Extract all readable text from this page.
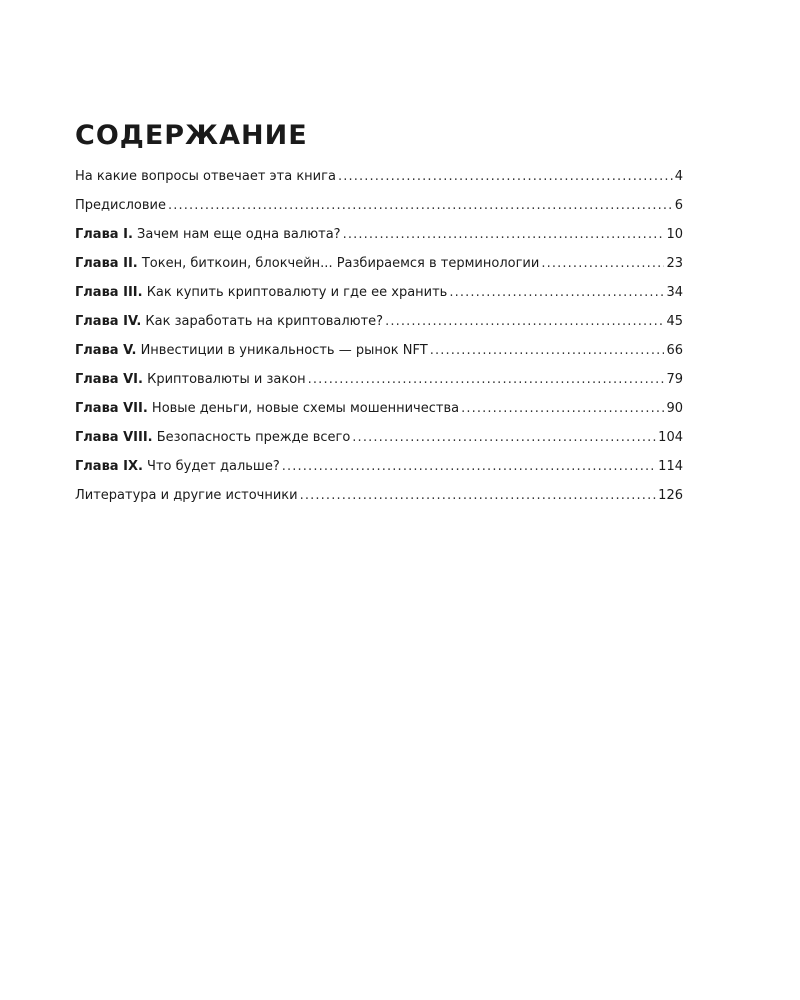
СОДЕРЖАНИЕ
На какие вопросы отвечает эта книга . . .	4
Предисловие . . .	6
Глава I. Зачем нам еще одна валюта? . . .	10
Глава II. Токен, биткоин, блокчейн... Разбираемся в терминологии . . .	23
Глава III. Как купить криптовалюту и где ее хранить . . .	34
Глава IV. Как заработать на криптовалюте? . . .	45
Глава V. Инвестиции в уникальность — рынок NFT . . .	66
Глава VI. Криптовалюты и закон . . .	79
Глава VII. Новые деньги, новые схемы мошенничества . . .	90
Глава VIII. Безопасность прежде всего . . .	104
Глава IX. Что будет дальше? . . .	114
Литература и другие источники . . .	126
